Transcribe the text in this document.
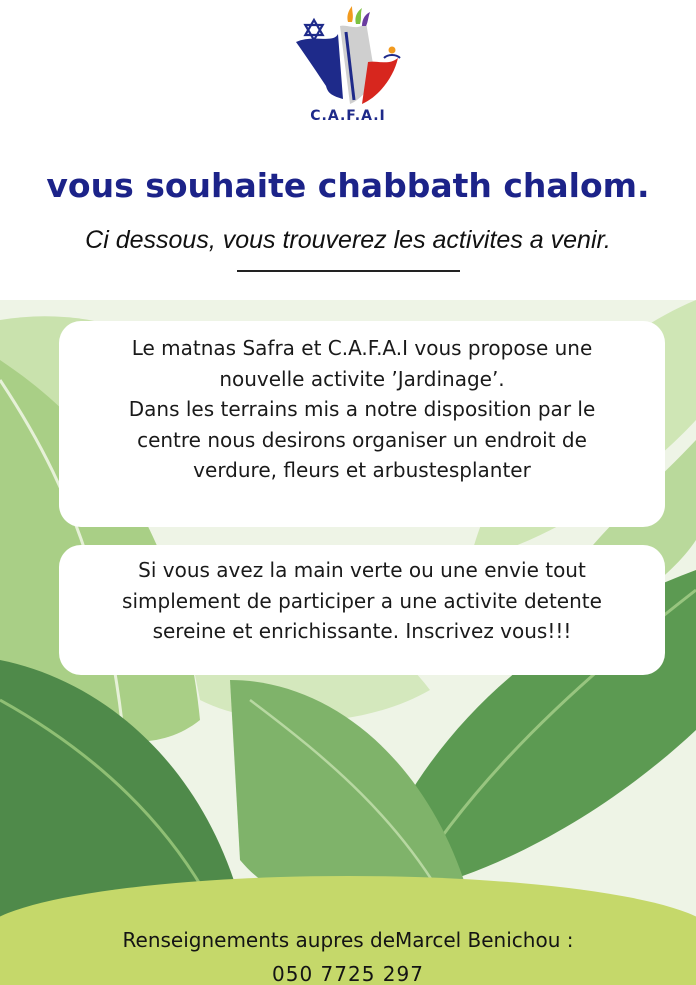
C.A.F.A.I
vous souhaite chabbath chalom.

Ci dessous, vous trouverez les activites a venir.

Le matnas Safra et C.A.F.A.I vous propose une

nouvelle activite ’Jardinage’.

Dans les terrains mis a notre disposition par le

centre nous desirons organiser un endroit de

verdure, fleurs et arbustesplanter

Si vous avez la main verte ou une envie tout

simplement de participer a une activite detente

sereine et enrichissante. Inscrivez vous!!!

Renseignements aupres deMarcel Benichou :
050 7725 297
